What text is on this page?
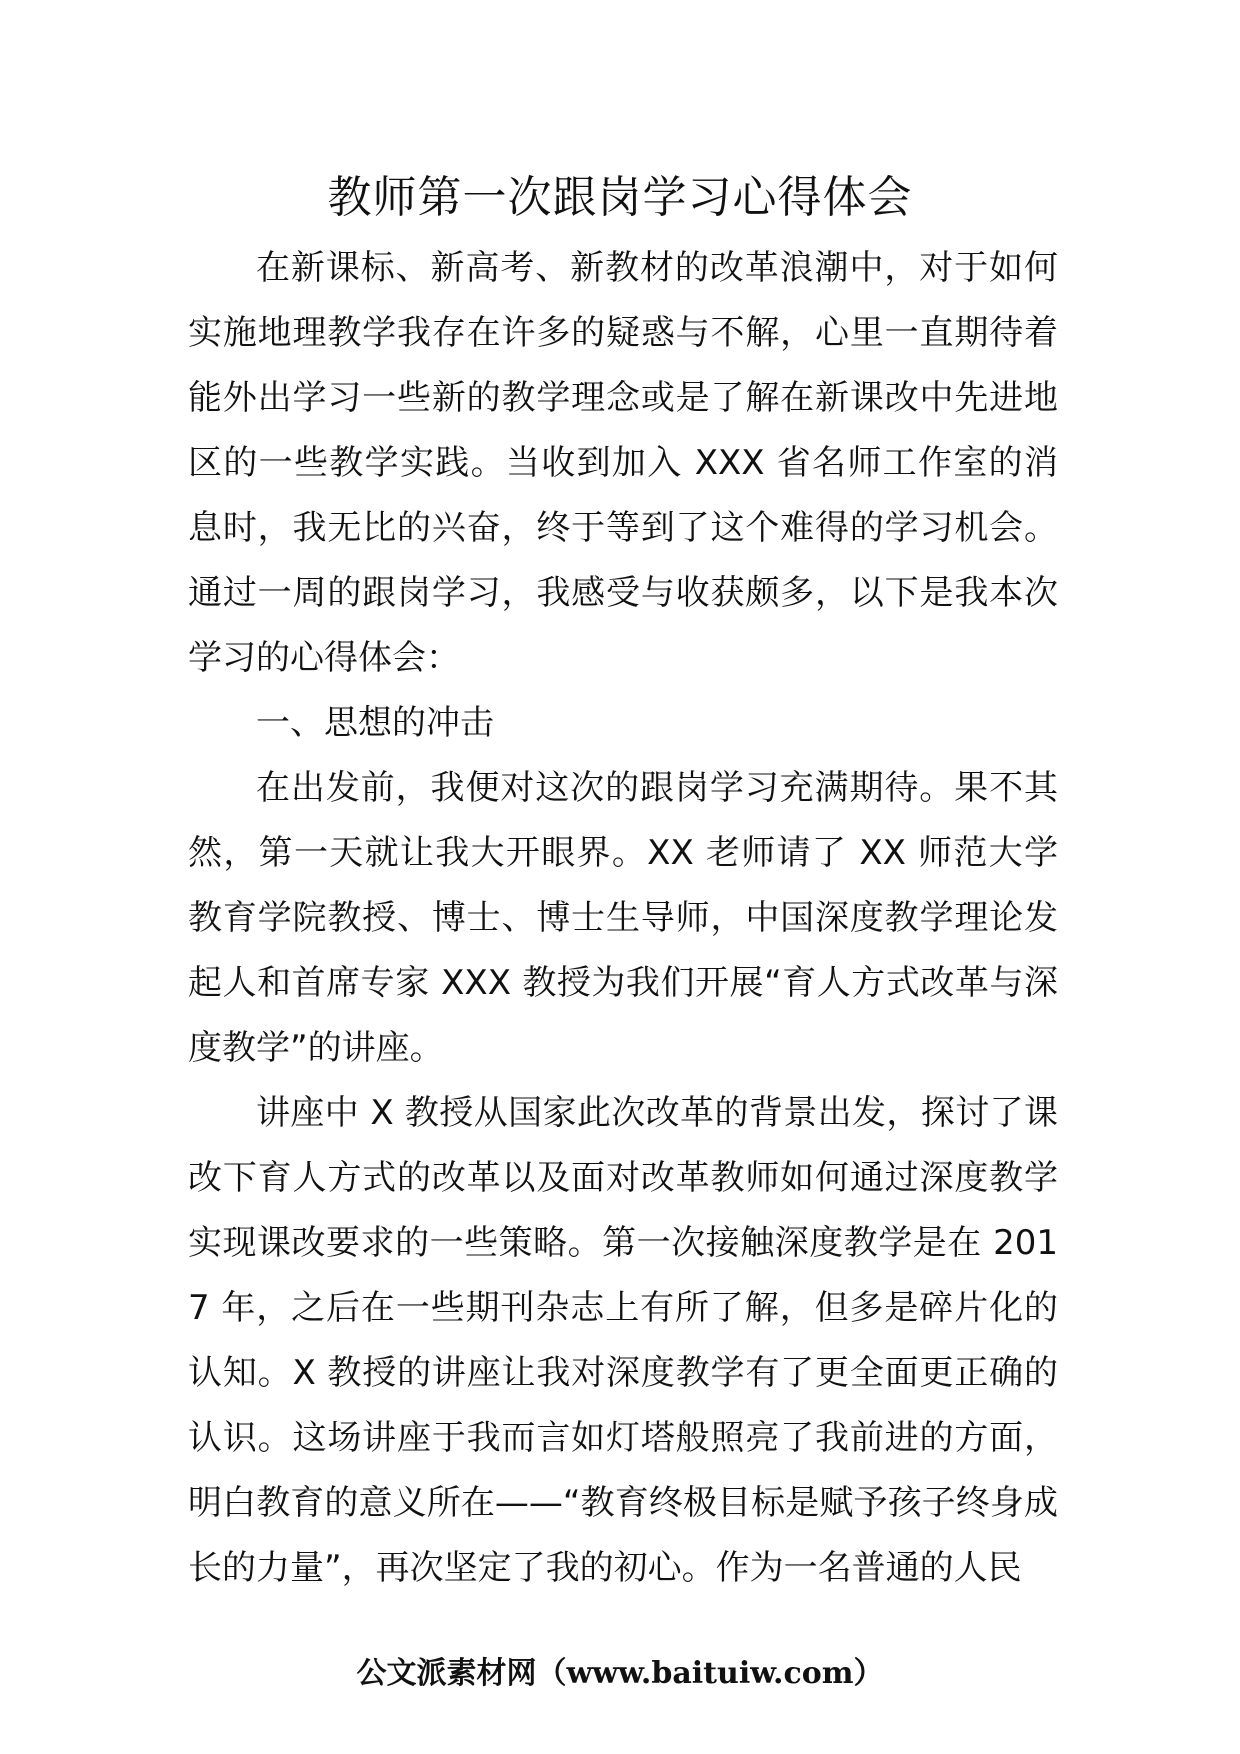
教师第一次跟岗学习心得体会

在新课标、新高考、新教材的改革浪潮中，对于如何实施地理教学我存在许多的疑惑与不解，心里一直期待着能外出学习一些新的教学理念或是了解在新课改中先进地区的一些教学实践。当收到加入 XXX 省名师工作室的消息时，我无比的兴奋，终于等到了这个难得的学习机会。通过一周的跟岗学习，我感受与收获颇多，以下是我本次学习的心得体会：

一、思想的冲击

在出发前，我便对这次的跟岗学习充满期待。果不其然，第一天就让我大开眼界。XX 老师请了 XX 师范大学教育学院教授、博士、博士生导师，中国深度教学理论发起人和首席专家 XXX 教授为我们开展“育人方式改革与深度教学”的讲座。

讲座中 X 教授从国家此次改革的背景出发，探讨了课改下育人方式的改革以及面对改革教师如何通过深度教学实现课改要求的一些策略。第一次接触深度教学是在 2017 年，之后在一些期刊杂志上有所了解，但多是碎片化的认知。X 教授的讲座让我对深度教学有了更全面更正确的认识。这场讲座于我而言如灯塔般照亮了我前进的方面，明白教育的意义所在——“教育终极目标是赋予孩子终身成长的力量”，再次坚定了我的初心。作为一名普通的人民

公文派素材网（www.baituiw.com）
